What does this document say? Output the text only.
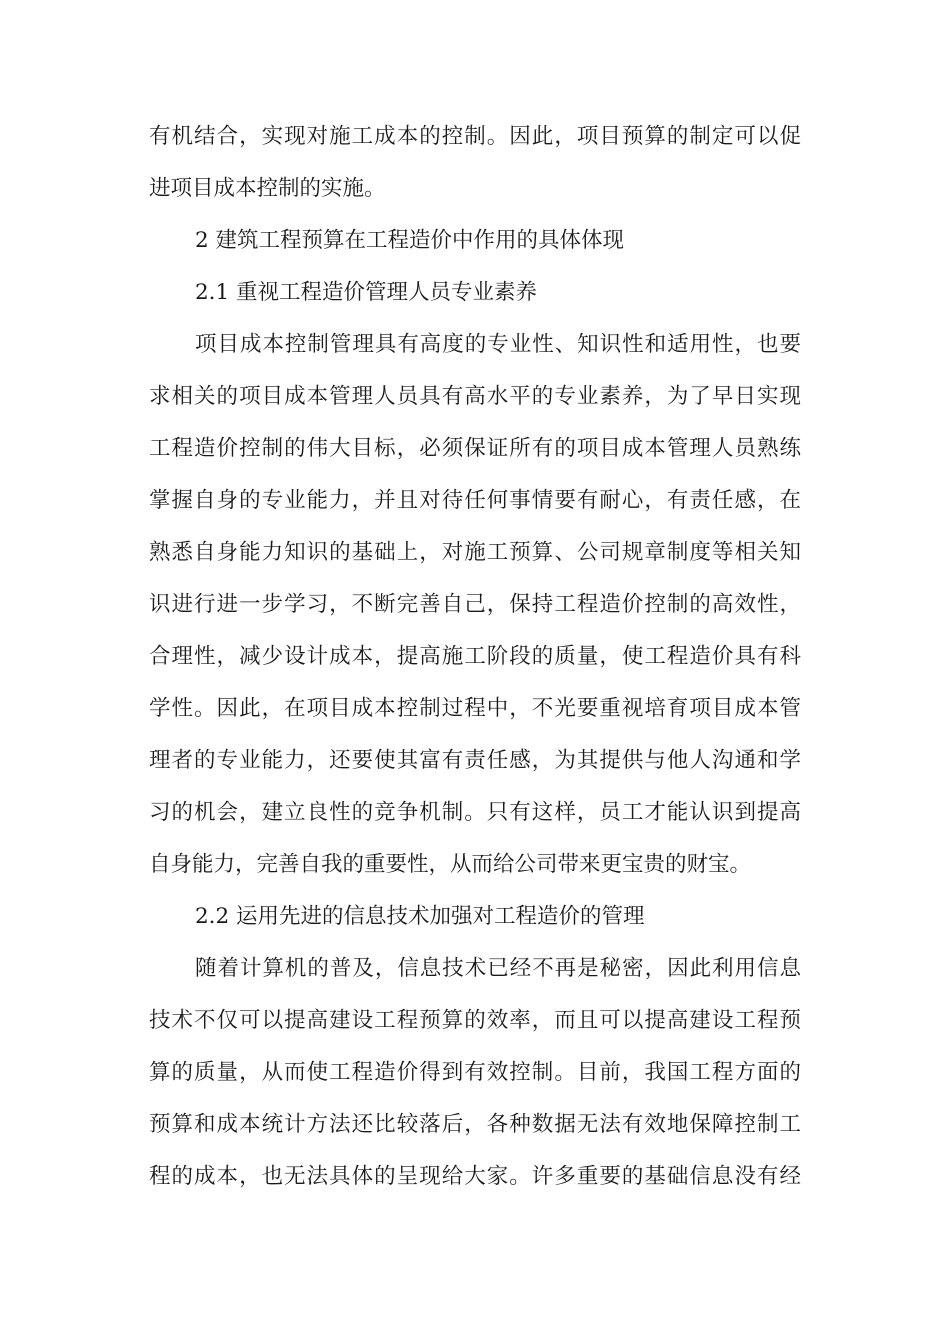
有机结合，实现对施工成本的控制。因此，项目预算的制定可以促
进项目成本控制的实施。
2 建筑工程预算在工程造价中作用的具体体现
2.1 重视工程造价管理人员专业素养
项目成本控制管理具有高度的专业性、知识性和适用性，也要
求相关的项目成本管理人员具有高水平的专业素养，为了早日实现
工程造价控制的伟大目标，必须保证所有的项目成本管理人员熟练
掌握自身的专业能力，并且对待任何事情要有耐心，有责任感，在
熟悉自身能力知识的基础上，对施工预算、公司规章制度等相关知
识进行进一步学习，不断完善自己，保持工程造价控制的高效性，
合理性，减少设计成本，提高施工阶段的质量，使工程造价具有科
学性。因此，在项目成本控制过程中，不光要重视培育项目成本管
理者的专业能力，还要使其富有责任感，为其提供与他人沟通和学
习的机会，建立良性的竞争机制。只有这样，员工才能认识到提高
自身能力，完善自我的重要性，从而给公司带来更宝贵的财宝。
2.2 运用先进的信息技术加强对工程造价的管理
随着计算机的普及，信息技术已经不再是秘密，因此利用信息
技术不仅可以提高建设工程预算的效率，而且可以提高建设工程预
算的质量，从而使工程造价得到有效控制。目前，我国工程方面的
预算和成本统计方法还比较落后，各种数据无法有效地保障控制工
程的成本，也无法具体的呈现给大家。许多重要的基础信息没有经
